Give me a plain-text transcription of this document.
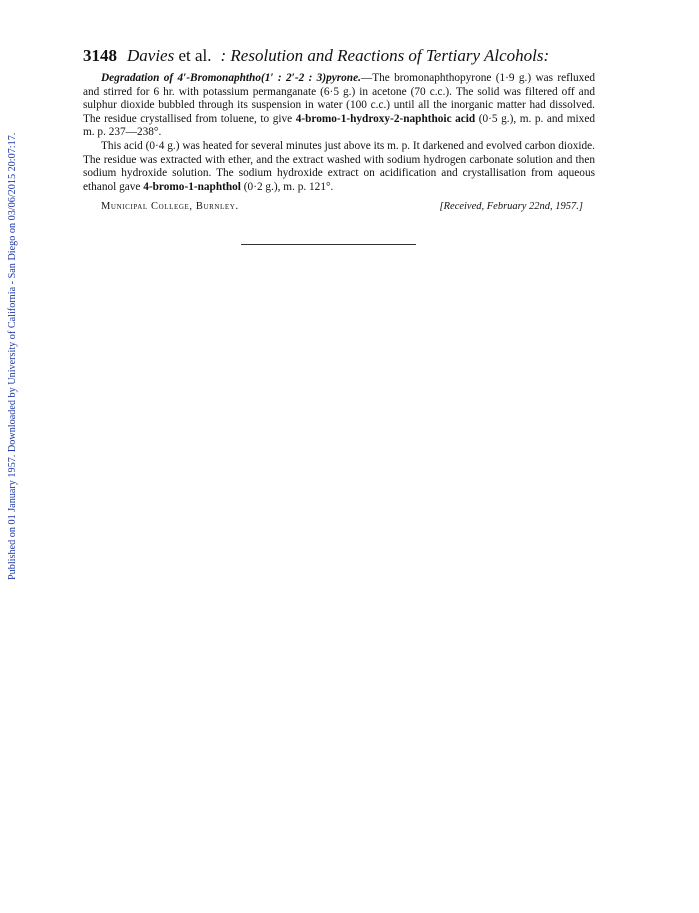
Published on 01 January 1957. Downloaded by University of California - San Diego on 03/06/2015 20:07:17.
3148 Davies et al. : Resolution and Reactions of Tertiary Alcohols:

Degradation of 4′-Bromonaphtho(1′ : 2′-2 : 3)pyrone.—The bromonaphthopyrone (1·9 g.) was refluxed and stirred for 6 hr. with potassium permanganate (6·5 g.) in acetone (70 c.c.). The solid was filtered off and sulphur dioxide bubbled through its suspension in water (100 c.c.) until all the inorganic matter had dissolved. The residue crystallised from toluene, to give 4-bromo-1-hydroxy-2-naphthoic acid (0·5 g.), m. p. and mixed m. p. 237—238°.

This acid (0·4 g.) was heated for several minutes just above its m. p. It darkened and evolved carbon dioxide. The residue was extracted with ether, and the extract washed with sodium hydrogen carbonate solution and then sodium hydroxide solution. The sodium hydroxide extract on acidification and crystallisation from aqueous ethanol gave 4-bromo-1-naphthol (0·2 g.), m. p. 121°.

Municipal College, Burnley.	[Received, February 22nd, 1957.]
